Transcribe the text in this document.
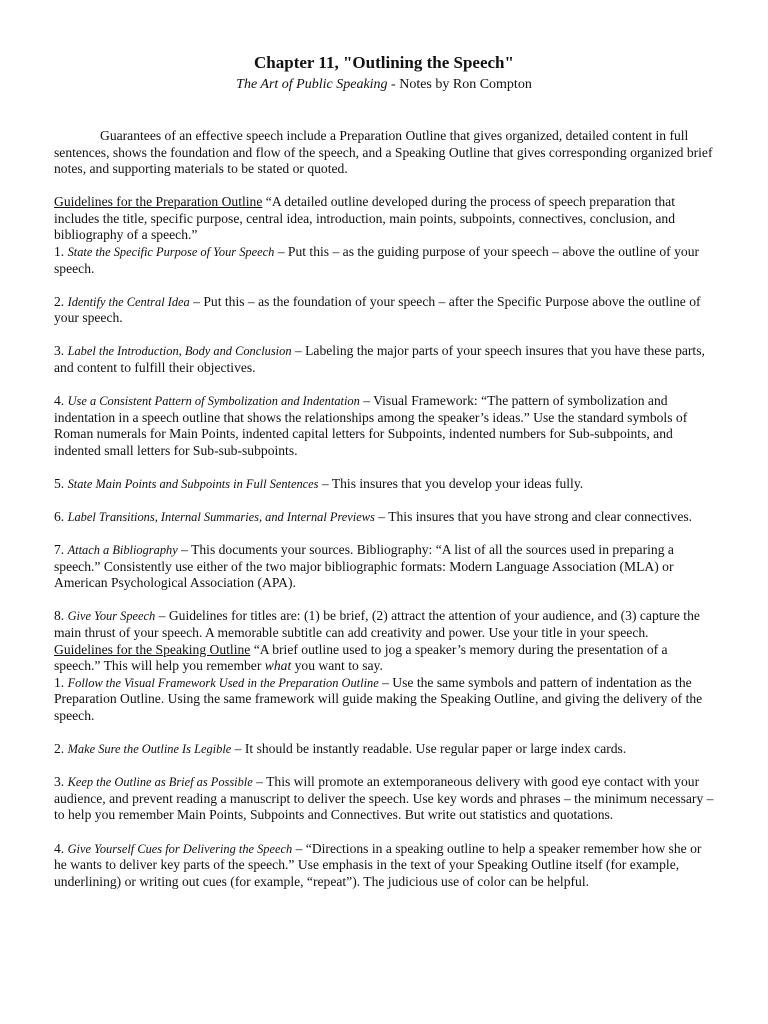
Chapter 11, "Outlining the Speech"

The Art of Public Speaking - Notes by Ron Compton

Guarantees of an effective speech include a Preparation Outline that gives organized, detailed content in full sentences, shows the foundation and flow of the speech, and a Speaking Outline that gives corresponding organized brief notes, and supporting materials to be stated or quoted.

Guidelines for the Preparation Outline “A detailed outline developed during the process of speech preparation that includes the title, specific purpose, central idea, introduction, main points, subpoints, connectives, conclusion, and bibliography of a speech.”

1. State the Specific Purpose of Your Speech – Put this – as the guiding purpose of your speech – above the outline of your speech.

2. Identify the Central Idea – Put this – as the foundation of your speech – after the Specific Purpose above the outline of your speech.

3. Label the Introduction, Body and Conclusion – Labeling the major parts of your speech insures that you have these parts, and content to fulfill their objectives.

4. Use a Consistent Pattern of Symbolization and Indentation – Visual Framework: “The pattern of symbolization and indentation in a speech outline that shows the relationships among the speaker’s ideas.” Use the standard symbols of Roman numerals for Main Points, indented capital letters for Subpoints, indented numbers for Sub-subpoints, and indented small letters for Sub-sub-subpoints.

5. State Main Points and Subpoints in Full Sentences – This insures that you develop your ideas fully.

6. Label Transitions, Internal Summaries, and Internal Previews – This insures that you have strong and clear connectives.

7. Attach a Bibliography – This documents your sources. Bibliography: “A list of all the sources used in preparing a speech.” Consistently use either of the two major bibliographic formats: Modern Language Association (MLA) or American Psychological Association (APA).

8. Give Your Speech – Guidelines for titles are: (1) be brief, (2) attract the attention of your audience, and (3) capture the main thrust of your speech. A memorable subtitle can add creativity and power. Use your title in your speech.

Guidelines for the Speaking Outline “A brief outline used to jog a speaker’s memory during the presentation of a speech.” This will help you remember what you want to say.

1. Follow the Visual Framework Used in the Preparation Outline – Use the same symbols and pattern of indentation as the Preparation Outline. Using the same framework will guide making the Speaking Outline, and giving the delivery of the speech.

2. Make Sure the Outline Is Legible – It should be instantly readable. Use regular paper or large index cards.

3. Keep the Outline as Brief as Possible – This will promote an extemporaneous delivery with good eye contact with your audience, and prevent reading a manuscript to deliver the speech. Use key words and phrases – the minimum necessary – to help you remember Main Points, Subpoints and Connectives. But write out statistics and quotations.

4. Give Yourself Cues for Delivering the Speech – “Directions in a speaking outline to help a speaker remember how she or he wants to deliver key parts of the speech.” Use emphasis in the text of your Speaking Outline itself (for example, underlining) or writing out cues (for example, “repeat”). The judicious use of color can be helpful.
